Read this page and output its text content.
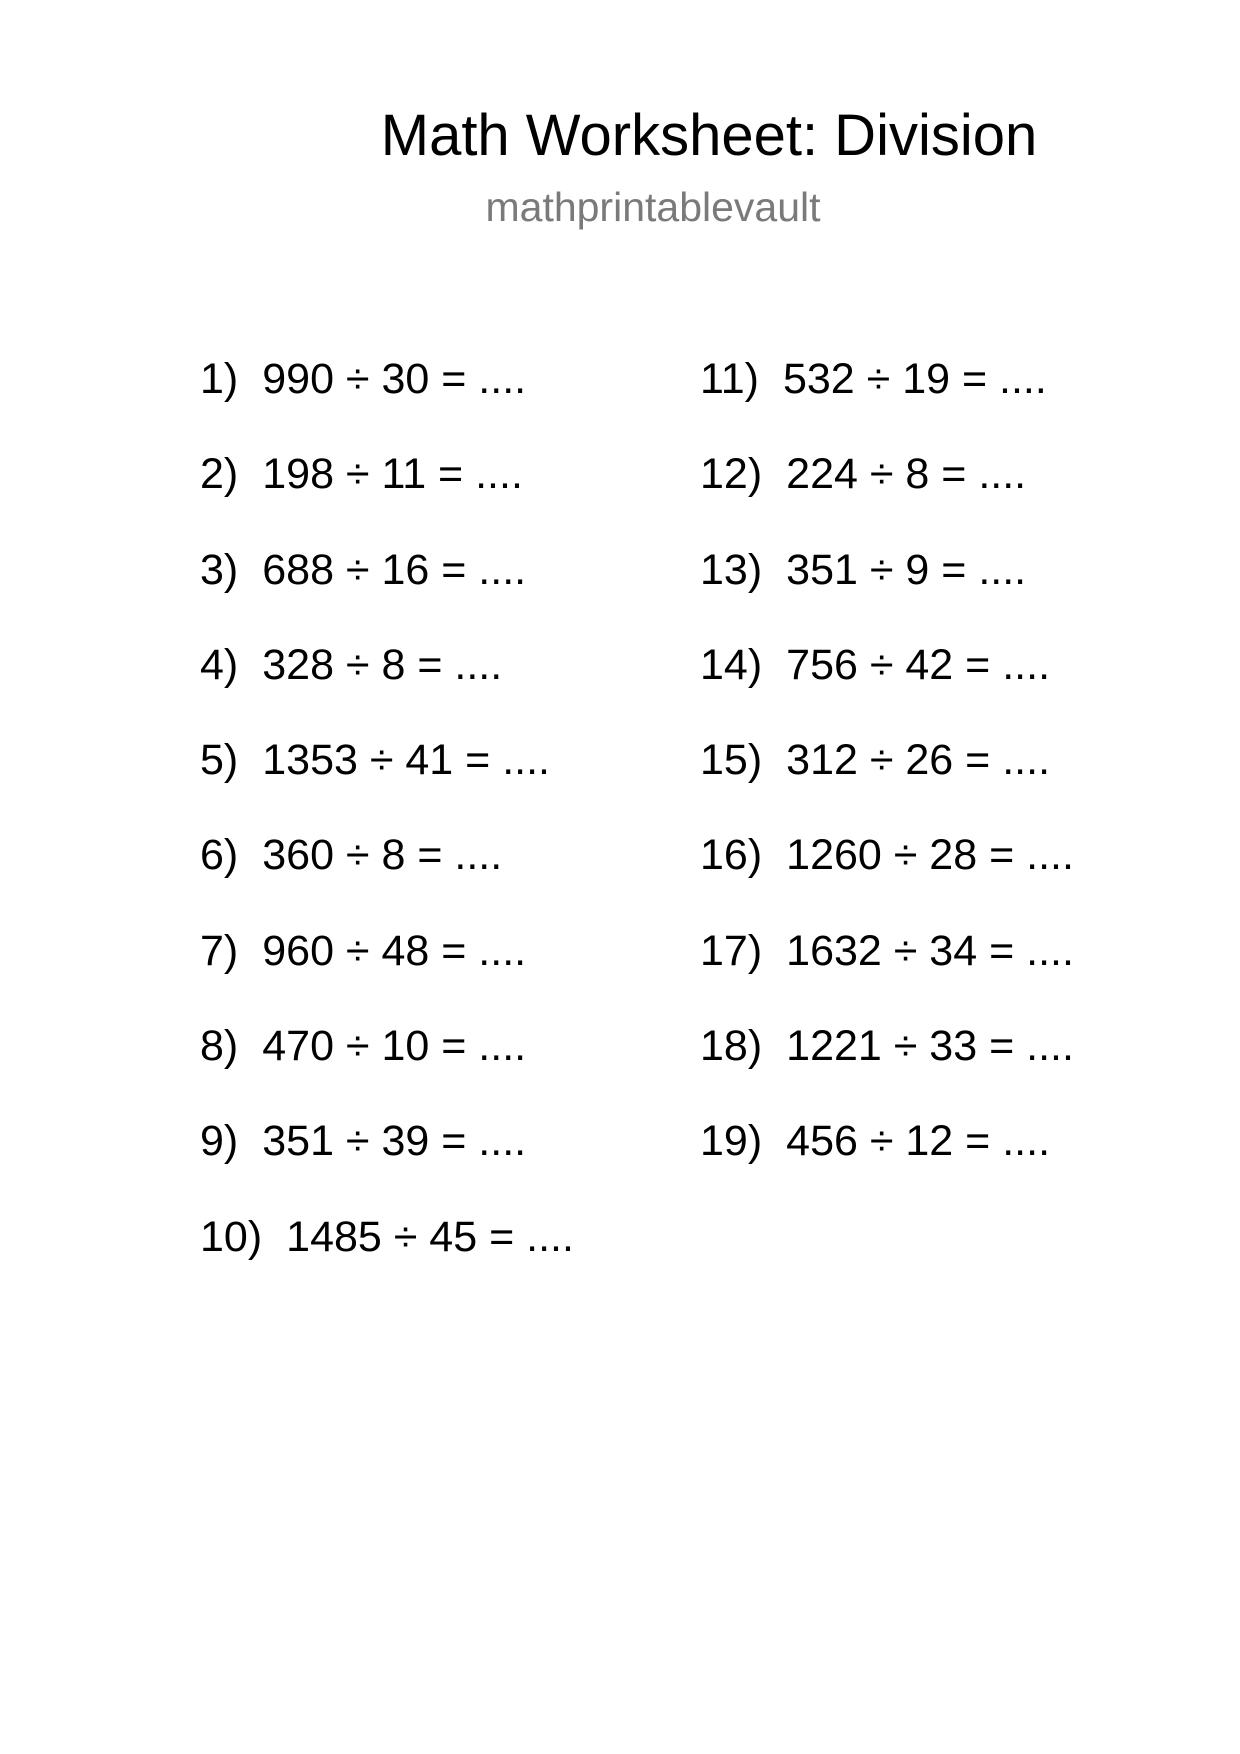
Math Worksheet: Division
mathprintablevault
1) 990 ÷ 30 = ....
2) 198 ÷ 11 = ....
3) 688 ÷ 16 = ....
4) 328 ÷ 8 = ....
5) 1353 ÷ 41 = ....
6) 360 ÷ 8 = ....
7) 960 ÷ 48 = ....
8) 470 ÷ 10 = ....
9) 351 ÷ 39 = ....
10) 1485 ÷ 45 = ....
11) 532 ÷ 19 = ....
12) 224 ÷ 8 = ....
13) 351 ÷ 9 = ....
14) 756 ÷ 42 = ....
15) 312 ÷ 26 = ....
16) 1260 ÷ 28 = ....
17) 1632 ÷ 34 = ....
18) 1221 ÷ 33 = ....
19) 456 ÷ 12 = ....
